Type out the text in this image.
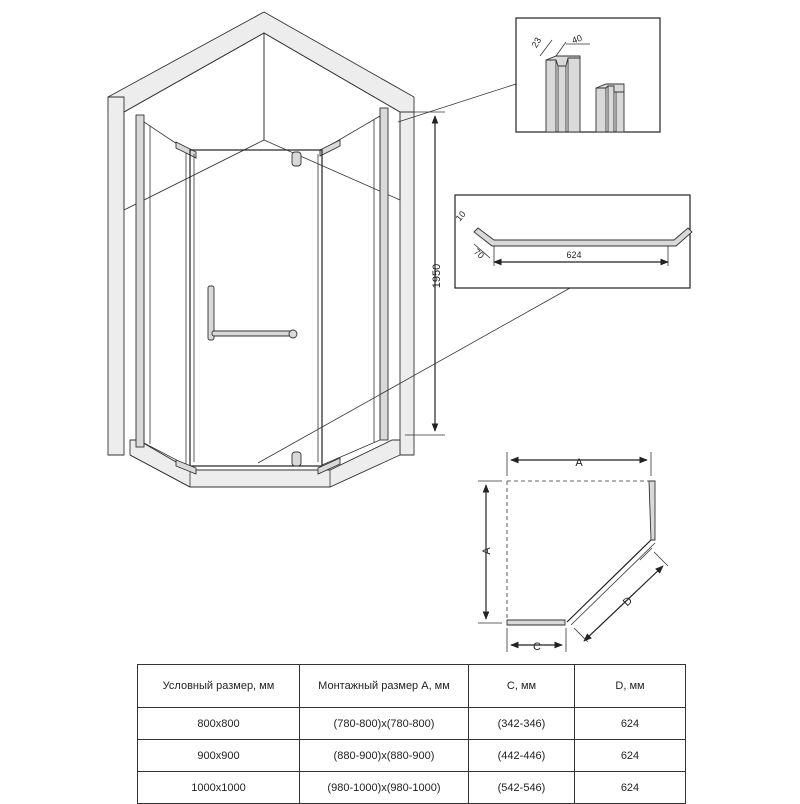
1950
23	40
624
70
10
A
A
C
D
Условный размер, мм	Монтажный размер A, мм	С, мм	D, мм
800x800	(780-800)x(780-800)	(342-346)	624
900x900	(880-900)x(880-900)	(442-446)	624
1000x1000	(980-1000)x(980-1000)	(542-546)	624
